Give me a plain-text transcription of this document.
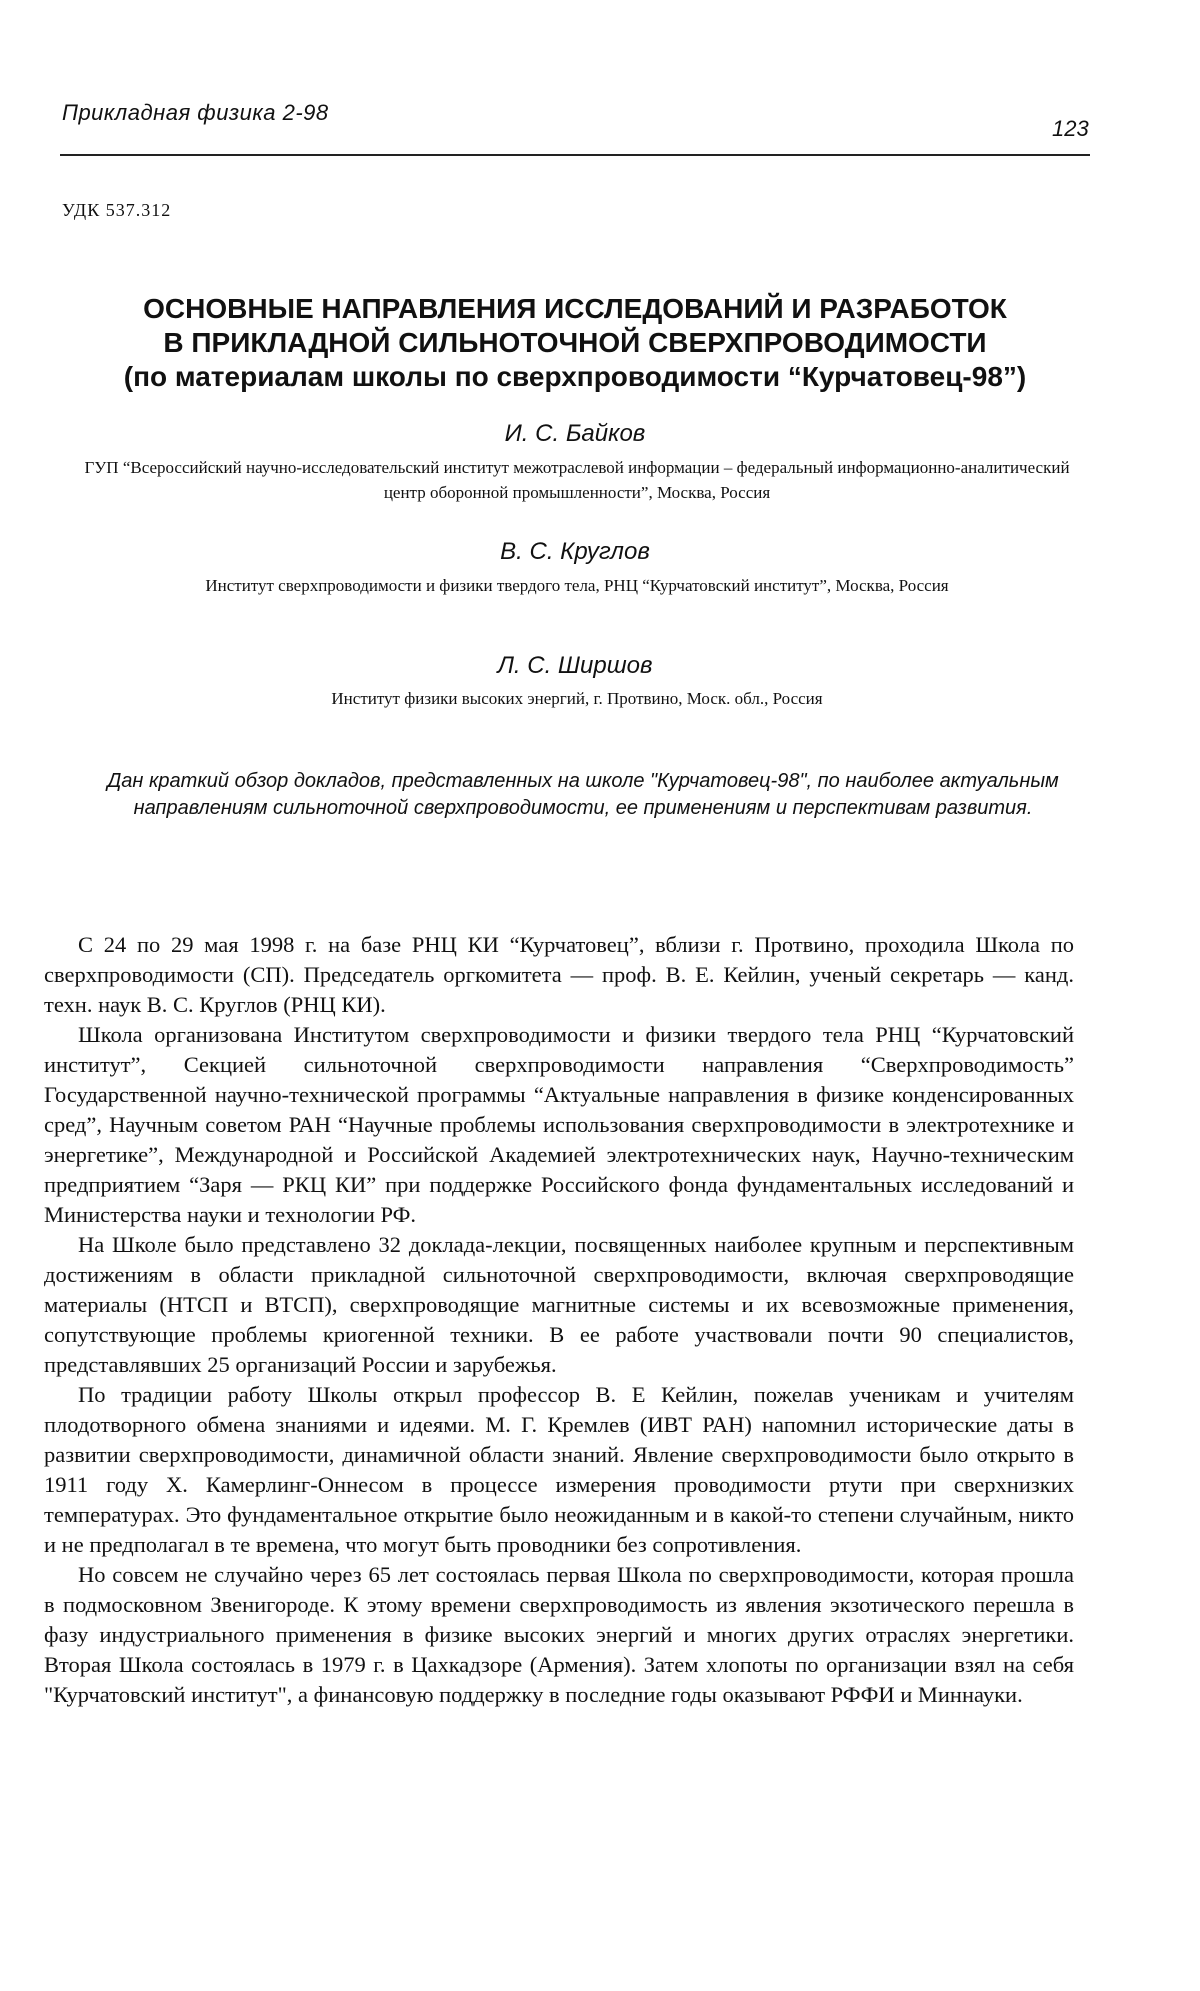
Прикладная физика 2-98
123
УДК 537.312
ОСНОВНЫЕ НАПРАВЛЕНИЯ ИССЛЕДОВАНИЙ И РАЗРАБОТОК
В ПРИКЛАДНОЙ СИЛЬНОТОЧНОЙ СВЕРХПРОВОДИМОСТИ
(по материалам школы по сверхпроводимости “Курчатовец-98”)
И. С. Байков
ГУП “Всероссийский научно-исследовательский институт межотраслевой информации – федеральный информационно-аналитический центр оборонной промышленности”, Москва, Россия
В. С. Круглов
Институт сверхпроводимости и физики твердого тела, РНЦ “Курчатовский институт”, Москва, Россия
Л. С. Ширшов
Институт физики высоких энергий, г. Протвино, Моск. обл., Россия
Дан краткий обзор докладов, представленных на школе "Курчатовец-98", по наиболее актуальным направлениям сильноточной сверхпроводимости, ее применениям и перспективам развития.

С 24 по 29 мая 1998 г. на базе РНЦ КИ “Курчатовец”, вблизи г. Протвино, проходила Школа по сверхпроводимости (СП). Председатель оргкомитета — проф. В. Е. Кейлин, ученый секретарь — канд. техн. наук В. С. Круглов (РНЦ КИ).

Школа организована Институтом сверхпроводимости и физики твердого тела РНЦ “Курчатовский институт”, Секцией сильноточной сверхпроводимости направления “Сверхпроводимость” Государственной научно-технической программы “Актуальные направления в физике конденсированных сред”, Научным советом РАН “Научные проблемы использования сверхпроводимости в электротехнике и энергетике”, Международной и Российской Академией электротехнических наук, Научно-техническим предприятием “Заря — РКЦ КИ” при поддержке Российского фонда фундаментальных исследований и Министерства науки и технологии РФ.

На Школе было представлено 32 доклада-лекции, посвященных наиболее крупным и перспективным достижениям в области прикладной сильноточной сверхпроводимости, включая сверхпроводящие материалы (НТСП и ВТСП), сверхпроводящие магнитные системы и их всевозможные применения, сопутствующие проблемы криогенной техники. В ее работе участвовали почти 90 специалистов, представлявших 25 организаций России и зарубежья.

По традиции работу Школы открыл профессор В. Е Кейлин, пожелав ученикам и учителям плодотворного обмена знаниями и идеями. М. Г. Кремлев (ИВТ РАН) напомнил исторические даты в развитии сверхпроводимости, динамичной области знаний. Явление сверхпроводимости было открыто в 1911 году Х. Камерлинг-Оннесом в процессе измерения проводимости ртути при сверхнизких температурах. Это фундаментальное открытие было неожиданным и в какой-то степени случайным, никто и не предполагал в те времена, что могут быть проводники без сопротивления.

Но совсем не случайно через 65 лет состоялась первая Школа по сверхпроводимости, которая прошла в подмосковном Звенигороде. К этому времени сверхпроводимость из явления экзотического перешла в фазу индустриального применения в физике высоких энергий и многих других отраслях энергетики. Вторая Школа состоялась в 1979 г. в Цахкадзоре (Армения). Затем хлопоты по организации взял на себя "Курчатовский институт", а финансовую поддержку в последние годы оказывают РФФИ и Миннауки.
